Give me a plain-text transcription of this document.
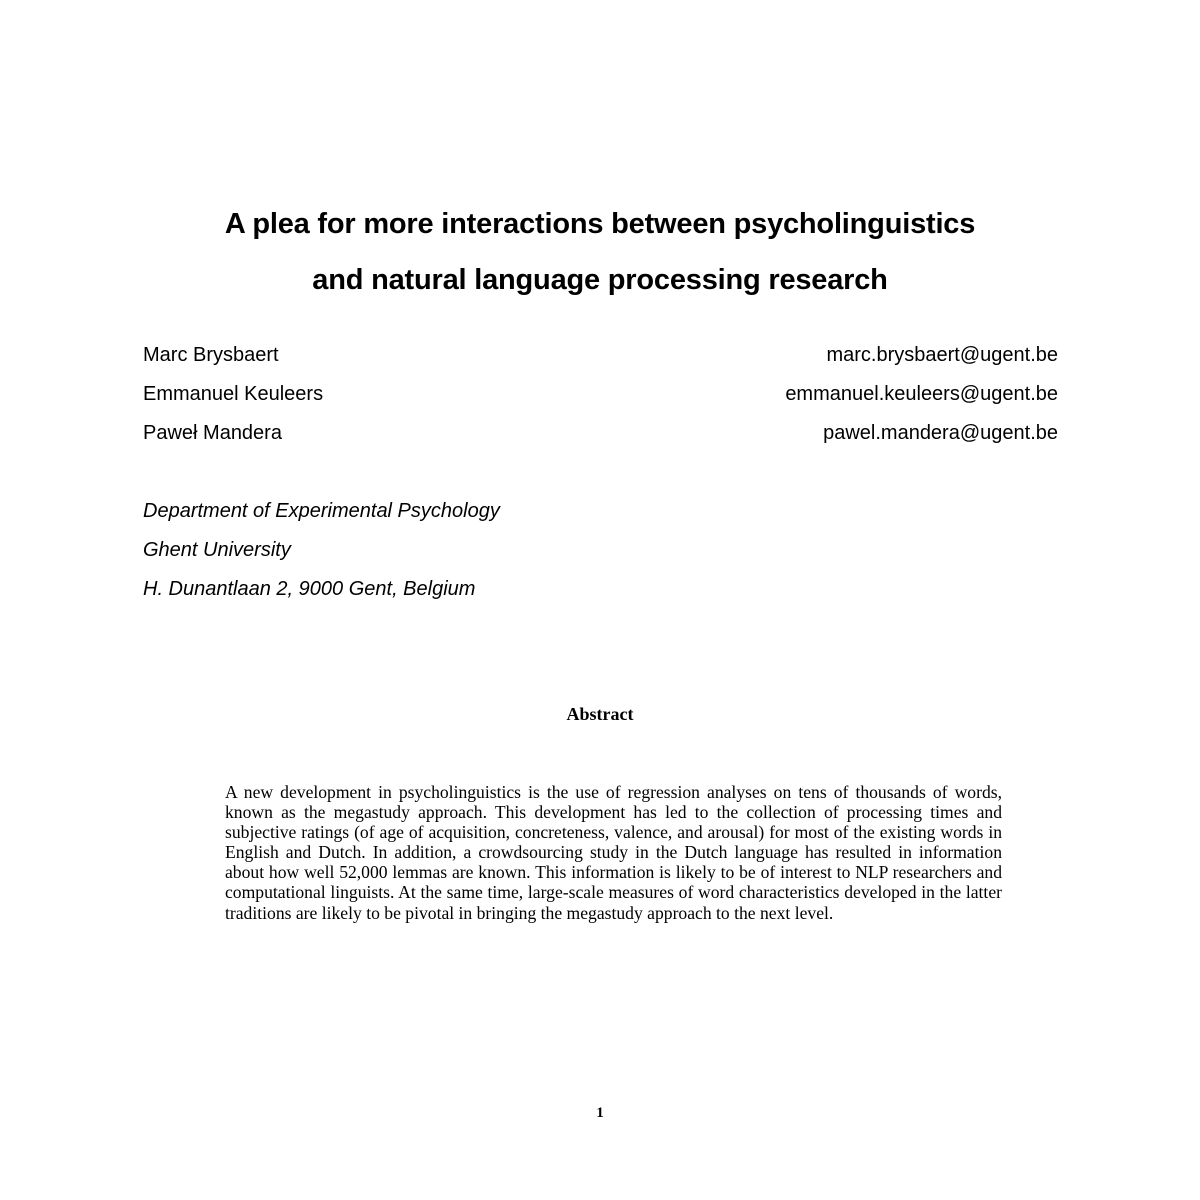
A plea for more interactions between psycholinguistics
and natural language processing research
Marc Brysbaert	marc.brysbaert@ugent.be
Emmanuel Keuleers	emmanuel.keuleers@ugent.be
Paweł Mandera	pawel.mandera@ugent.be
Department of Experimental Psychology
Ghent University
H. Dunantlaan 2, 9000 Gent, Belgium
Abstract
A new development in psycholinguistics is the use of regression analyses on tens of thousands of words, known as the megastudy approach. This development has led to the collection of processing times and subjective ratings (of age of acquisition, concreteness, valence, and arousal) for most of the existing words in English and Dutch. In addition, a crowdsourcing study in the Dutch language has resulted in information about how well 52,000 lemmas are known. This information is likely to be of interest to NLP researchers and computational linguists. At the same time, large-scale measures of word characteristics developed in the latter traditions are likely to be pivotal in bringing the megastudy approach to the next level.
1
